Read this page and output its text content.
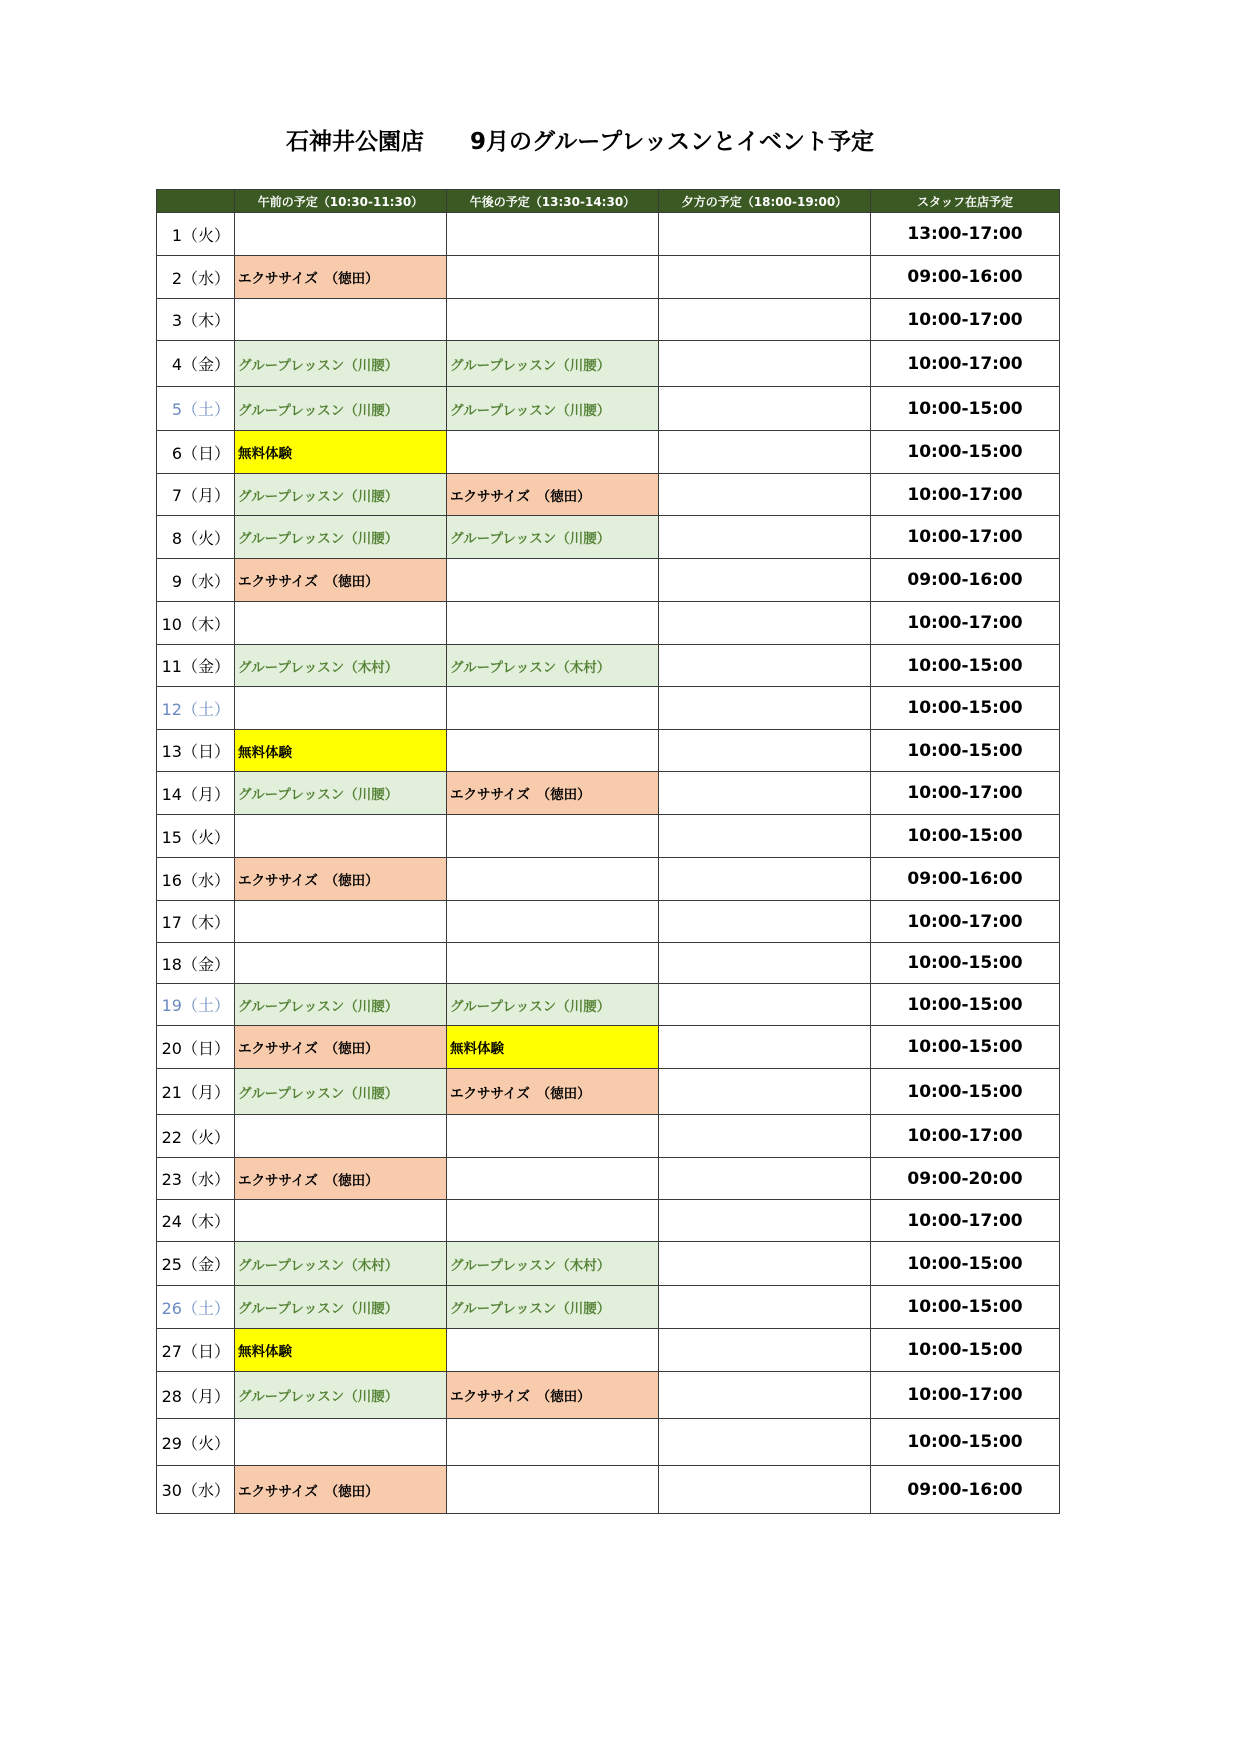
石神井公園店　　9月のグループレッスンとイベント予定
	午前の予定（10:30-11:30）	午後の予定（13:30-14:30）	夕方の予定（18:00-19:00）	スタッフ在店予定
1（火）				13:00-17:00
2（水）	エクササイズ　（徳田）			09:00-16:00
3（木）				10:00-17:00
4（金）	グループレッスン（川腰）	グループレッスン（川腰）		10:00-17:00
5（土）	グループレッスン（川腰）	グループレッスン（川腰）		10:00-15:00
6（日）	無料体験			10:00-15:00
7（月）	グループレッスン（川腰）	エクササイズ　（徳田）		10:00-17:00
8（火）	グループレッスン（川腰）	グループレッスン（川腰）		10:00-17:00
9（水）	エクササイズ　（徳田）			09:00-16:00
10（木）				10:00-17:00
11（金）	グループレッスン（木村）	グループレッスン（木村）		10:00-15:00
12（土）				10:00-15:00
13（日）	無料体験			10:00-15:00
14（月）	グループレッスン（川腰）	エクササイズ　（徳田）		10:00-17:00
15（火）				10:00-15:00
16（水）	エクササイズ　（徳田）			09:00-16:00
17（木）				10:00-17:00
18（金）				10:00-15:00
19（土）	グループレッスン（川腰）	グループレッスン（川腰）		10:00-15:00
20（日）	エクササイズ　（徳田）	無料体験		10:00-15:00
21（月）	グループレッスン（川腰）	エクササイズ　（徳田）		10:00-15:00
22（火）				10:00-17:00
23（水）	エクササイズ　（徳田）			09:00-20:00
24（木）				10:00-17:00
25（金）	グループレッスン（木村）	グループレッスン（木村）		10:00-15:00
26（土）	グループレッスン（川腰）	グループレッスン（川腰）		10:00-15:00
27（日）	無料体験			10:00-15:00
28（月）	グループレッスン（川腰）	エクササイズ　（徳田）		10:00-17:00
29（火）				10:00-15:00
30（水）	エクササイズ　（徳田）			09:00-16:00
